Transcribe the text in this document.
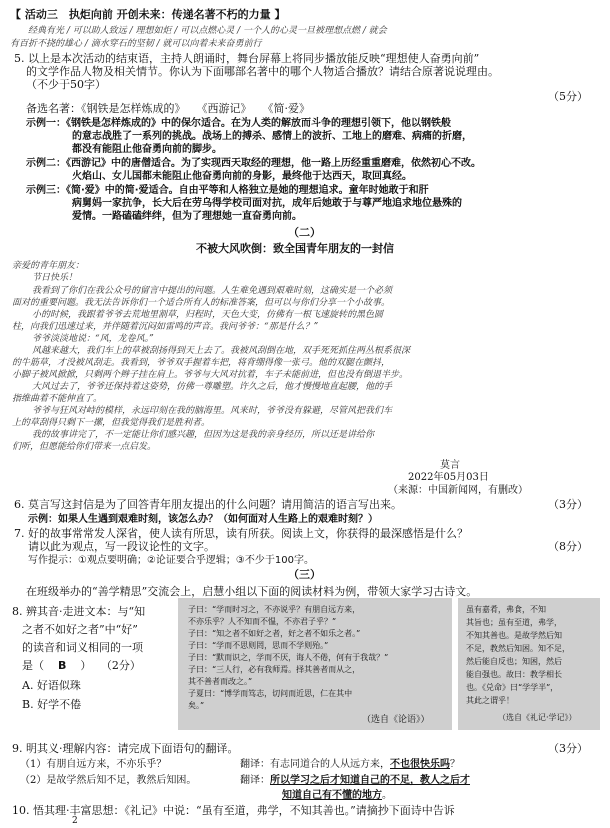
【 活动三　执炬向前 开创未来：传递名著不朽的力量 】
经典有光 / 可以助人致远 / 理想如炬 / 可以点燃心灵 / 一个人的心灵一旦被理想点燃 / 就会
有百折不挠的雄心 / 滴水穿石的坚韧 / 就可以向着未来奋勇前行
5. 以上是本次活动的结束语，主持人朗诵时，舞台屏幕上将同步播放能反映“理想使人奋勇向前”
的文学作品人物及相关情节。你认为下面哪部名著中的哪个人物适合播放？请结合原著说说理由。
（不少于50字）
（5分）
备选名著：《钢铁是怎样炼成的》　　《西游记》　　《简·爱》
示例一：《钢铁是怎样炼成的》中的保尔适合。在为人类的解放而斗争的理想引领下，他以钢铁般
的意志战胜了一系列的挑战。战场上的搏杀、感情上的波折、工地上的磨难、病痛的折磨，
都没有能阻止他奋勇向前的脚步。
示例二：《西游记》中的唐僧适合。为了实现西天取经的理想，他一路上历经重重磨难，依然初心不改。
火焰山、女儿国都未能阻止他奋勇向前的身影，最终他于达西天，取回真经。
示例三：《简·爱》中的简·爱适合。自由平等和人格独立是她的理想追求。童年时她敢于和肝
病舅妈一家抗争，长大后在劳乌得学校司面对抗，成年后她敢于与尊严地追求地位悬殊的
爱情。一路磕磕绊绊，但为了理想她一直奋勇向前。
（二）
不被大风吹倒：致全国青年朋友的一封信
亲爱的青年朋友：
节日快乐！
我看到了你们在我公众号的留言中提出的问题。人生难免遇到艰难时刻，这确实是一个必须
面对的重要问题。我无法告诉你们一个适合所有人的标准答案，但可以与你们分享一个小故事。
小的时候，我跟着爷爷去荒地里割草，归程时，天色大变，仿佛有一根飞速旋转的黑色圆
柱，向我们迅速过来，并伴随着沉闷如雷鸣的声音。我问爷爷：“那是什么？”
爷爷淡淡地说：“风，龙卷风。”
风越来越大，我们车上的草被刮扬得到天上去了。我被风刮倒在地，双手死死抓住两丛根系很深
的牛筋草，才没被风刮走。我看到，爷爷双手握着车把，将背绷得像一张弓。他的双腿在颤抖，
小脚子被风掀掀，只剩两个辫子挂在肩上。爷爷与大风对抗着，车子未能前进，但也没有倒退半步。
大风过去了，爷爷还保持着这姿势，仿佛一尊雕塑。许久之后，他才慢慢地直起腰，他的手
指维曲着不能伸直了。
爷爷与狂风对峙的模样，永远印刻在我的脑海里。风来时，爷爷没有躲避，尽管风把我们车
上的草刮得只剩下一摞，但我觉得我们是胜利者。
我的故事讲完了，不一定能让你们感兴趣，但因为这是我的亲身经历，所以还是讲给你
们听，但愿能给你们带来一点启发。
莫言
2022年05月03日
（来源：中国新闻网，有删改）
6. 莫言写这封信是为了回答青年朋友提出的什么问题？请用简洁的语言写出来。	（3分）
示例：如果人生遇到艰难时刻，该怎么办？（如何面对人生路上的艰难时刻？）
7. 好的故事常常发人深省，使人读有所思，读有所获。阅读上文，你获得的最深感悟是什么？
请以此为观点，写一段议论性的文字。	（8分）
写作提示：①观点要明确；②论证要合乎逻辑；③不少于100字。
（三）
在班级举办的“善学精思”交流会上，启慧小组以下面的阅读材料为例，带领大家学习古诗文。
8. 辨其音·走进文本：与“知
之者不如好之者”中“好”
的读音和词义相同的一项
是（ B ） （2分）
A. 好语似珠
B. 好学不倦
子曰：“学而时习之，不亦说乎？有朋自远方来，
不亦乐乎？人不知而不愠，不亦君子乎？”
子曰：“知之者不如好之者，好之者不如乐之者。”
子曰：“学而不思则罔，思而不学则殆。”
子曰：“默而识之，学而不厌，诲人不倦，何有于我哉？”
子曰：“三人行，必有我师焉。择其善者而从之，
其不善者而改之。”
子夏曰：“博学而笃志，切问而近思，仁在其中
矣。”
（选自《论语》）
虽有嘉肴，弗食，不知
其旨也；虽有至道，弗学，
不知其善也。是故学然后知
不足，教然后知困。知不足，
然后能自反也；知困，然后
能自强也。故曰：教学相长
也。《兑命》曰“学学半”，
其此之谓乎！
（选自《礼记·学记》）
9. 明其义·理解内容：请完成下面语句的翻译。	（3分）
（1）有朋自远方来，不亦乐乎？	翻译：有志同道合的人从远方来，不也很快乐吗？
（2）是故学然后知不足，教然后知困。	翻译：所以学习之后才知道自己的不足，教人之后才
知道自己有不懂的地方。
10. 悟其理·丰富思想：《礼记》中说：“虽有至道，弗学，不知其善也。”请摘抄下面诗中告诉
2
